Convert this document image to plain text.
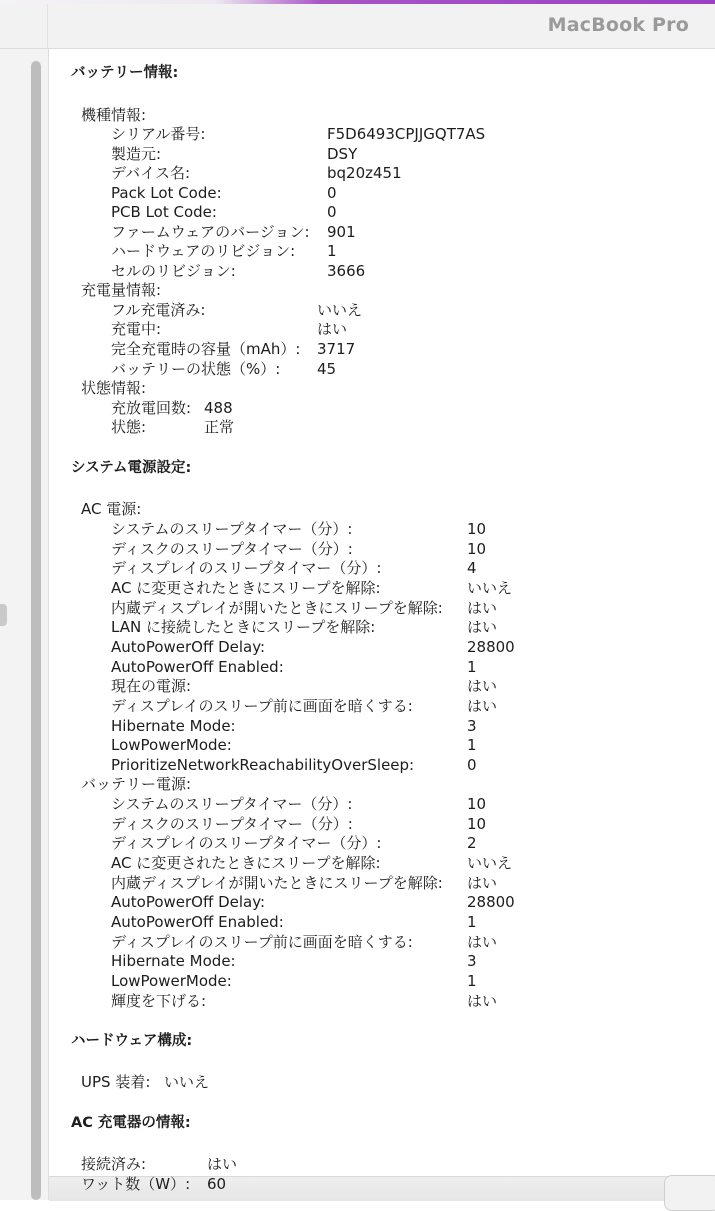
MacBook Pro
バッテリー情報:
機種情報:
シリアル番号:	F5D6493CPJJGQT7AS
製造元:	DSY
デバイス名:	bq20z451
Pack Lot Code:	0
PCB Lot Code:	0
ファームウェアのバージョン: 901
ハードウェアのリビジョン: 1
セルのリビジョン:	3666
充電量情報:
フル充電済み:	いいえ
充電中:	はい
完全充電時の容量（mAh）: 3717
バッテリーの状態（%）: 45
状態情報:
充放電回数: 488
状態:	正常
システム電源設定:
AC 電源:
システムのスリープタイマー（分）:	10
ディスクのスリープタイマー（分）:	10
ディスプレイのスリープタイマー（分）:	4
AC に変更されたときにスリープを解除:	いいえ
内蔵ディスプレイが開いたときにスリープを解除: はい
LAN に接続したときにスリープを解除:	はい
AutoPowerOff Delay:	28800
AutoPowerOff Enabled:	1
現在の電源:	はい
ディスプレイのスリープ前に画面を暗くする:	はい
Hibernate Mode:	3
LowPowerMode:	1
PrioritizeNetworkReachabilityOverSleep:	0
バッテリー電源:
システムのスリープタイマー（分）:	10
ディスクのスリープタイマー（分）:	10
ディスプレイのスリープタイマー（分）:	2
AC に変更されたときにスリープを解除:	いいえ
内蔵ディスプレイが開いたときにスリープを解除: はい
AutoPowerOff Delay:	28800
AutoPowerOff Enabled:	1
ディスプレイのスリープ前に画面を暗くする:	はい
Hibernate Mode:	3
LowPowerMode:	1
輝度を下げる:	はい
ハードウェア構成:
UPS 装着: いいえ
AC 充電器の情報:
接続済み:	はい
ワット数（W）: 60
